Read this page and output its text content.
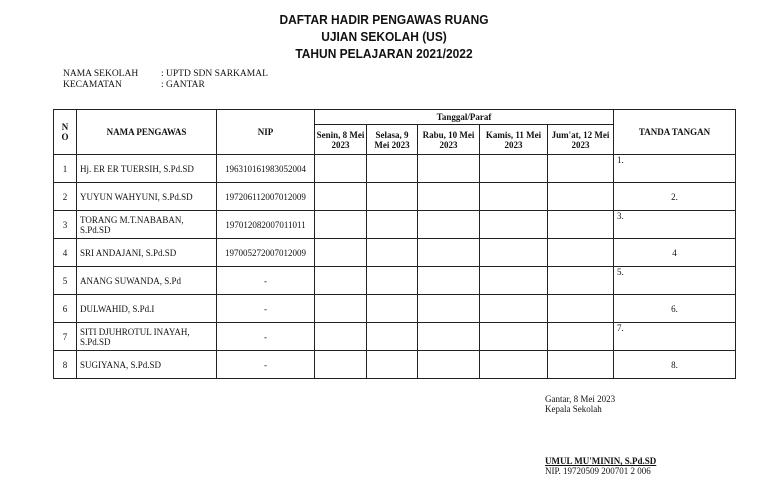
DAFTAR HADIR PENGAWAS RUANG
UJIAN SEKOLAH (US)
TAHUN PELAJARAN 2021/2022
NAMA SEKOLAH	: UPTD SDN SARKAMAL
KECAMATAN	: GANTAR
N O	NAMA PENGAWAS	NIP	Tanggal/Paraf					TANDA TANGAN
			Senin, 8 Mei 2023	Selasa, 9 Mei 2023	Rabu, 10 Mei 2023	Kamis, 11 Mei 2023	Jum'at, 12 Mei 2023	
1	Hj. ER ER TUERSIH, S.Pd.SD	196310161983052004						1.
2	YUYUN WAHYUNI, S.Pd.SD	197206112007012009						2.
3	TORANG M.T.NABABAN, S.Pd.SD	197012082007011011						3.
4	SRI ANDAJANI, S.Pd.SD	197005272007012009						4
5	ANANG SUWANDA, S.Pd	-						5.
6	DULWAHID, S.Pd.I	-						6.
7	SITI DJUHROTUL INAYAH, S.Pd.SD	-						7.
8	SUGIYANA, S.Pd.SD	-						8.
Gantar, 8 Mei 2023
Kepala Sekolah
UMUL MU'MININ, S.Pd.SD
NIP. 19720509 200701 2 006
